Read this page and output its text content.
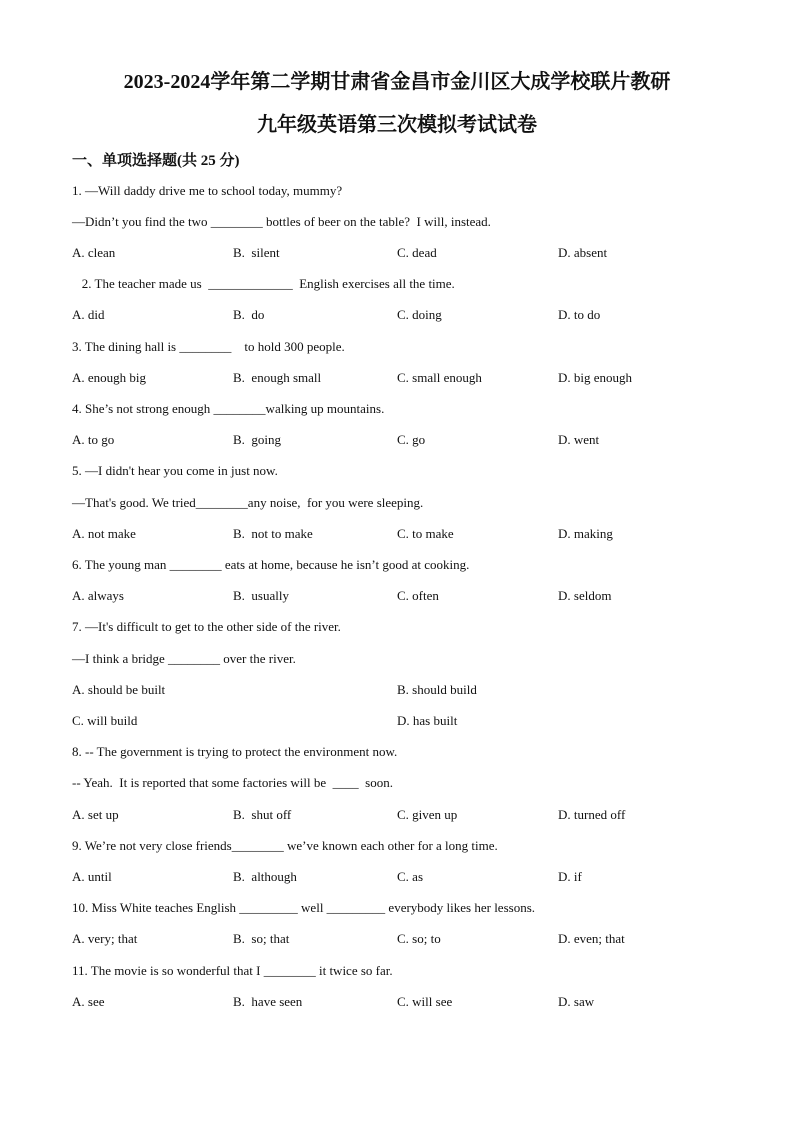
2023-2024学年第二学期甘肃省金昌市金川区大成学校联片教研
九年级英语第三次模拟考试试卷
一、单项选择题(共 25 分)
1. —Will daddy drive me to school today, mummy?
—Didn’t you find the two ________ bottles of beer on the table?  I will, instead.
A. clean	B.  silent	C. dead	D. absent
2. The teacher made us  _____________  English exercises all the time.
A. did	B.  do	C. doing	D. to do
3. The dining hall is ________    to hold 300 people.
A. enough big	B.  enough small	C. small enough	D. big enough
4. She’s not strong enough ________walking up mountains.
A. to go	B.  going	C. go	D. went
5. —I didn't hear you come in just now.
—That's good. We tried________any noise,  for you were sleeping.
A. not make	B.  not to make	C. to make	D. making
6. The young man ________ eats at home, because he isn’t good at cooking.
A. always	B.  usually	C. often	D. seldom
7. —It's difficult to get to the other side of the river.
—I think a bridge ________ over the river.
A. should be built	B. should build
C. will build	D. has built
8. -- The government is trying to protect the environment now.
-- Yeah.  It is reported that some factories will be  ____  soon.
A. set up	B.  shut off	C. given up	D. turned off
9. We’re not very close friends________ we’ve known each other for a long time.
A. until	B.  although	C. as	D. if
10. Miss White teaches English _________ well _________ everybody likes her lessons.
A. very; that	B.  so; that	C. so; to	D. even; that
11. The movie is so wonderful that I ________ it twice so far.
A. see	B.  have seen	C. will see	D. saw
